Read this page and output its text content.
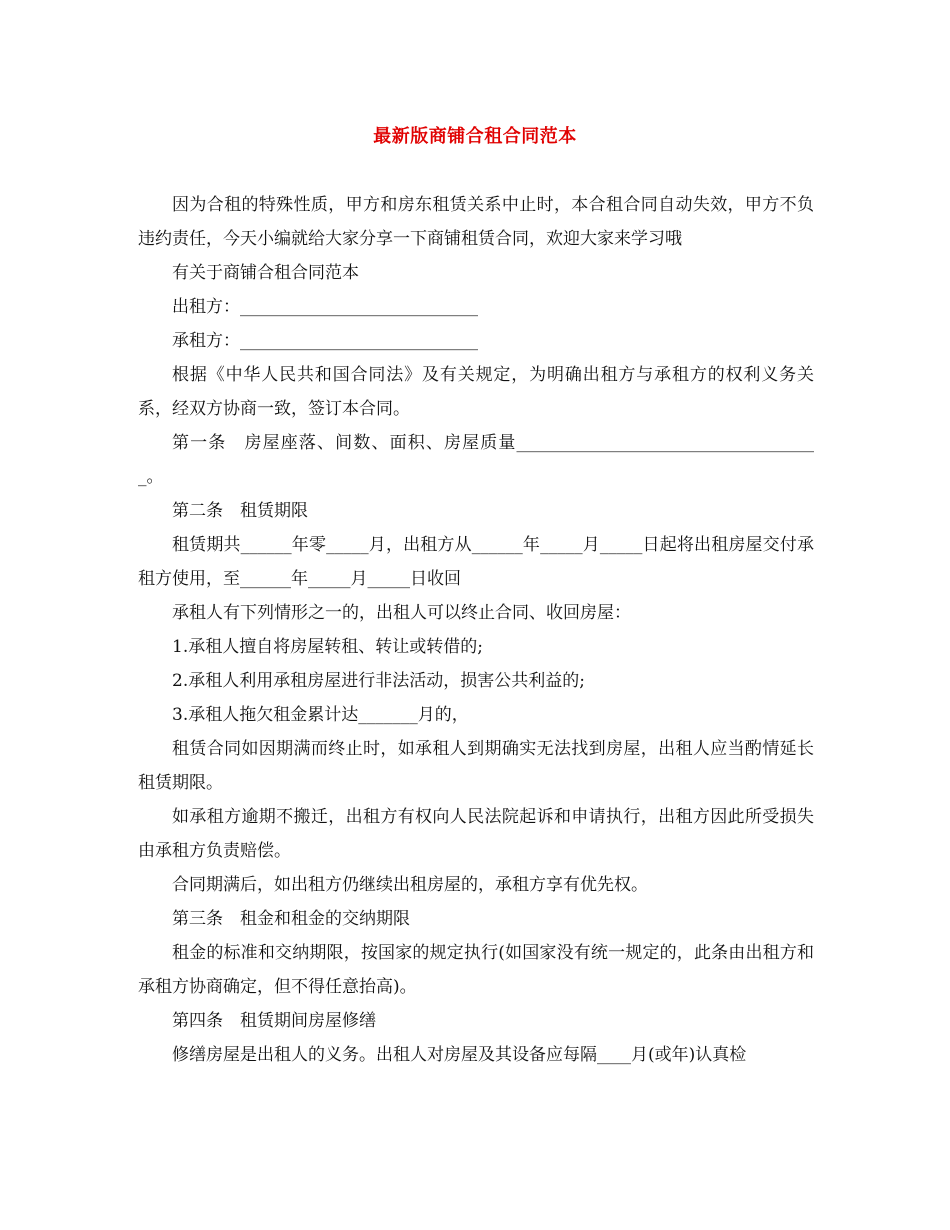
最新版商铺合租合同范本

因为合租的特殊性质，甲方和房东租赁关系中止时，本合租合同自动失效，甲方不负违约责任，今天小编就给大家分享一下商铺租赁合同，欢迎大家来学习哦

有关于商铺合租合同范本

出租方：____________________________

承租方：____________________________

根据《中华人民共和国合同法》及有关规定，为明确出租方与承租方的权利义务关系，经双方协商一致，签订本合同。

第一条　房屋座落、间数、面积、房屋质量____________________________________。

第二条　租赁期限

租赁期共______年零_____月，出租方从______年_____月_____日起将出租房屋交付承租方使用，至______年_____月_____日收回

承租人有下列情形之一的，出租人可以终止合同、收回房屋：

1.承租人擅自将房屋转租、转让或转借的;

2.承租人利用承租房屋进行非法活动，损害公共利益的;

3.承租人拖欠租金累计达_______月的，

租赁合同如因期满而终止时，如承租人到期确实无法找到房屋，出租人应当酌情延长租赁期限。

如承租方逾期不搬迁，出租方有权向人民法院起诉和申请执行，出租方因此所受损失由承租方负责赔偿。

合同期满后，如出租方仍继续出租房屋的，承租方享有优先权。

第三条　租金和租金的交纳期限

租金的标准和交纳期限，按国家的规定执行(如国家没有统一规定的，此条由出租方和承租方协商确定，但不得任意抬高)。

第四条　租赁期间房屋修缮

修缮房屋是出租人的义务。出租人对房屋及其设备应每隔____月(或年)认真检
